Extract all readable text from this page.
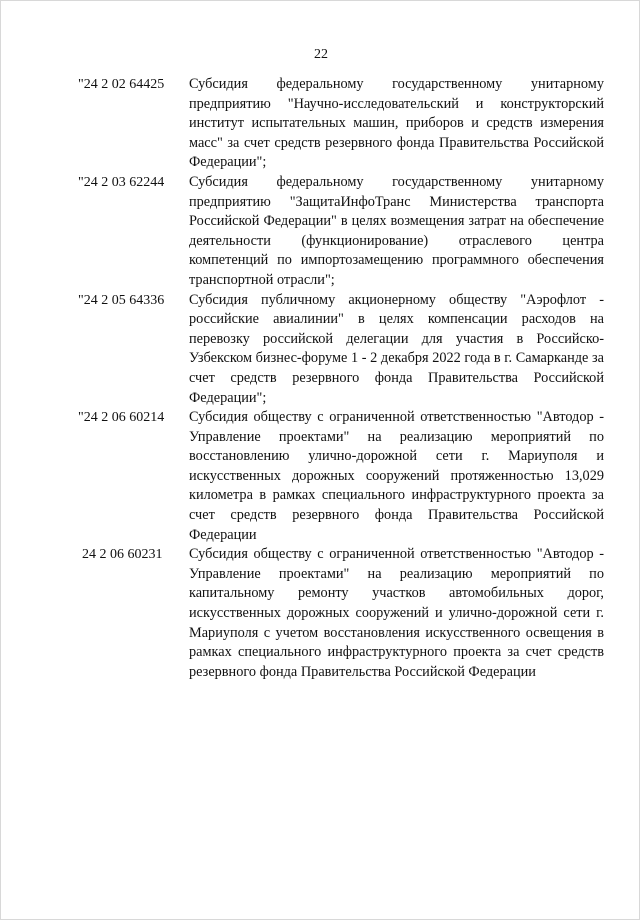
22
"24 2 02 64425	Субсидия федеральному государственному унитарному предприятию "Научно-исследовательский и конструкторский институт испытательных машин, приборов и средств измерения масс" за счет средств резервного фонда Правительства Российской Федерации";
"24 2 03 62244	Субсидия федеральному государственному унитарному предприятию "ЗащитаИнфоТранс Министерства транспорта Российской Федерации" в целях возмещения затрат на обеспечение деятельности (функционирование) отраслевого центра компетенций по импортозамещению программного обеспечения транспортной отрасли";
"24 2 05 64336	Субсидия публичному акционерному обществу "Аэрофлот - российские авиалинии" в целях компенсации расходов на перевозку российской делегации для участия в Российско-Узбекском бизнес-форуме 1 - 2 декабря 2022 года в г. Самарканде за счет средств резервного фонда Правительства Российской Федерации";
"24 2 06 60214	Субсидия обществу с ограниченной ответственностью "Автодор - Управление проектами" на реализацию мероприятий по восстановлению улично-дорожной сети г. Мариуполя и искусственных дорожных сооружений протяженностью 13,029 километра в рамках специального инфраструктурного проекта за счет средств резервного фонда Правительства Российской Федерации
24 2 06 60231	Субсидия обществу с ограниченной ответственностью "Автодор - Управление проектами" на реализацию мероприятий по капитальному ремонту участков автомобильных дорог, искусственных дорожных сооружений и улично-дорожной сети г. Мариуполя с учетом восстановления искусственного освещения в рамках специального инфраструктурного проекта за счет средств резервного фонда Правительства Российской Федерации
